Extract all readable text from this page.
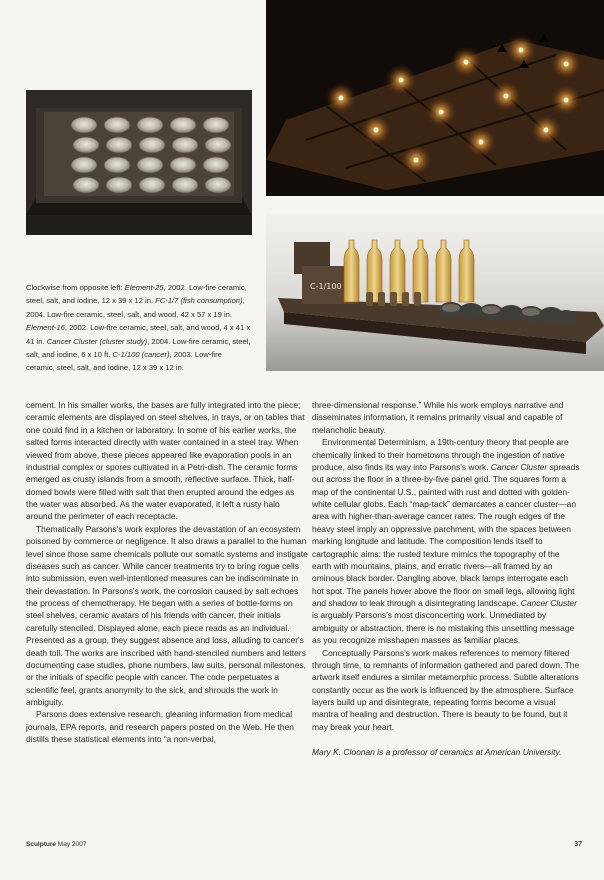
C-1/100
Clockwise from opposite left: Element-25, 2002. Low-fire ceramic, steel, salt, and iodine, 12 x 39 x 12 in. FC-1/7 (fish consumption), 2004. Low-fire ceramic, steel, salt, and wood, 42 x 57 x 19 in. Element-16, 2002. Low-fire ceramic, steel, salt, and wood, 4 x 41 x 41 in. Cancer Cluster (cluster study), 2004. Low-fire ceramic, steel, salt, and iodine, 6 x 10 ft. C-1/100 (cancer), 2003. Low-fire ceramic, steel, salt, and iodine, 12 x 39 x 12 in.

cement. In his smaller works, the bases are fully integrated into the piece; ceramic elements are displayed on steel shelves, in trays, or on tables that one could find in a kitchen or laboratory. In some of his earlier works, the salted forms interacted directly with water contained in a steel tray. When viewed from above, these pieces appeared like evaporation pools in an industrial complex or spores cultivated in a Petri-dish. The ceramic forms emerged as crusty islands from a smooth, reflective surface. Thick, half-domed bowls were filled with salt that then erupted around the edges as the water was absorbed. As the water evaporated, it left a rusty halo around the perimeter of each receptacle.

Thematically Parsons's work explores the devastation of an ecosystem poisoned by commerce or negligence. It also draws a parallel to the human level since those same chemicals pollute our somatic systems and instigate diseases such as cancer. While cancer treatments try to bring rogue cells into submission, even well-intentioned measures can be indiscriminate in their devastation. In Parsons's work, the corrosion caused by salt echoes the process of chemotherapy. He began with a series of bottle-forms on steel shelves, ceramic avatars of his friends with cancer, their initials carefully stenciled. Displayed alone, each piece reads as an individual. Presented as a group, they suggest absence and loss, alluding to cancer's death toll. The works are inscribed with hand-stenciled numbers and letters documenting case studies, phone numbers, law suits, personal milestones, or the initials of specific people with cancer. The code perpetuates a scientific feel, grants anonymity to the sick, and shrouds the work in ambiguity.

Parsons does extensive research, gleaning information from medical journals, EPA reports, and research papers posted on the Web. He then distills these statistical elements into “a non-verbal,

three-dimensional response.” While his work employs narrative and disseminates information, it remains primarily visual and capable of melancholic beauty.

Environmental Determinism, a 19th-century theory that people are chemically linked to their hometowns through the ingestion of native produce, also finds its way into Parsons's work. Cancer Cluster spreads out across the floor in a three-by-five panel grid. The squares form a map of the continental U.S., painted with rust and dotted with golden-white cellular globs. Each “map-tack” demarcates a cancer cluster—an area with higher-than-average cancer rates. The rough edges of the heavy steel imply an oppressive parchment, with the spaces between marking longitude and latitude. The composition lends itself to cartographic aims: the rusted texture mimics the topography of the earth with mountains, plains, and erratic rivers—all framed by an ominous black border. Dangling above, black lamps interrogate each hot spot. The panels hover above the floor on small legs, allowing light and shadow to leak through a disintegrating landscape. Cancer Cluster is arguably Parsons's most disconcerting work. Unmediated by ambiguity or abstraction, there is no mistaking this unsettling message as you recognize misshapen masses as familiar places.

Conceptually Parsons's work makes references to memory filtered through time, to remnants of information gathered and pared down. The artwork itself endures a similar metamorphic process. Subtle alterations constantly occur as the work is influenced by the atmosphere. Surface layers build up and disintegrate, repeating forms become a visual mantra of healing and destruction. There is beauty to be found, but it may break your heart.

Mary K. Cloonan is a professor of ceramics at American University.

Sculpture May 2007	37
